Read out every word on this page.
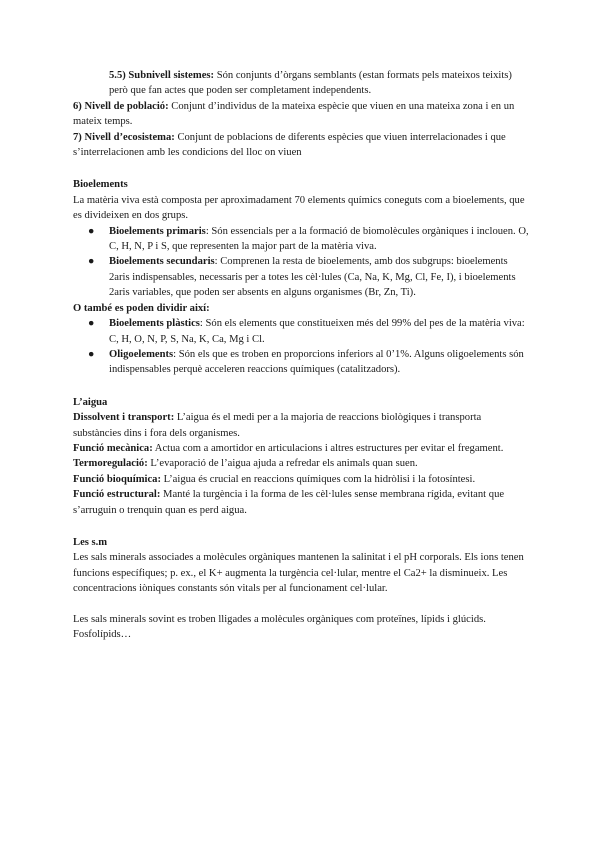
5.5) Subnivell sistemes: Són conjunts d’òrgans semblants (estan formats pels mateixos teixits) però que fan actes que poden ser completament independents.

6) Nivell de població: Conjunt d’individus de la mateixa espècie que viuen en una mateixa zona i en un mateix temps.

7) Nivell d’ecosistema: Conjunt de poblacions de diferents espècies que viuen interrelacionades i que s’interrelacionen amb les condicions del lloc on viuen

Bioelements

La matèria viva està composta per aproximadament 70 elements químics coneguts com a bioelements, que es divideixen en dos grups.

● Bioelements primaris: Són essencials per a la formació de biomolècules orgàniques i inclouen. O, C, H, N, P i S, que representen la major part de la matèria viva.
● Bioelements secundaris: Comprenen la resta de bioelements, amb dos subgrups: bioelements 2aris indispensables, necessaris per a totes les cèl·lules (Ca, Na, K, Mg, Cl, Fe, I), i bioelements 2aris variables, que poden ser absents en alguns organismes (Br, Zn, Ti).

O també es poden dividir així:

● Bioelements plàstics: Són els elements que constitueixen més del 99% del pes de la matèria viva: C, H, O, N, P, S, Na, K, Ca, Mg i Cl.
● Oligoelements: Són els que es troben en proporcions inferiors al 0’1%. Alguns oligoelements són indispensables perquè acceleren reaccions químiques (catalitzadors).

L’aigua

Dissolvent i transport: L’aigua és el medi per a la majoria de reaccions biològiques i transporta substàncies dins i fora dels organismes.

Funció mecànica: Actua com a amortidor en articulacions i altres estructures per evitar el fregament.

Termoregulació: L’evaporació de l’aigua ajuda a refredar els animals quan suen.

Funció bioquímica: L’aigua és crucial en reaccions químiques com la hidròlisi i la fotosíntesi.

Funció estructural: Manté la turgència i la forma de les cèl·lules sense membrana rígida, evitant que s’arruguin o trenquin quan es perd aigua.

Les s.m

Les sals minerals associades a molècules orgàniques mantenen la salinitat i el pH corporals. Els ions tenen funcions específiques; p. ex., el K+ augmenta la turgència cel·lular, mentre el Ca2+ la disminueix. Les concentracions iòniques constants són vitals per al funcionament cel·lular.

Les sals minerals sovint es troben lligades a molècules orgàniques com proteïnes, lípids i glúcids. Fosfolípids…
